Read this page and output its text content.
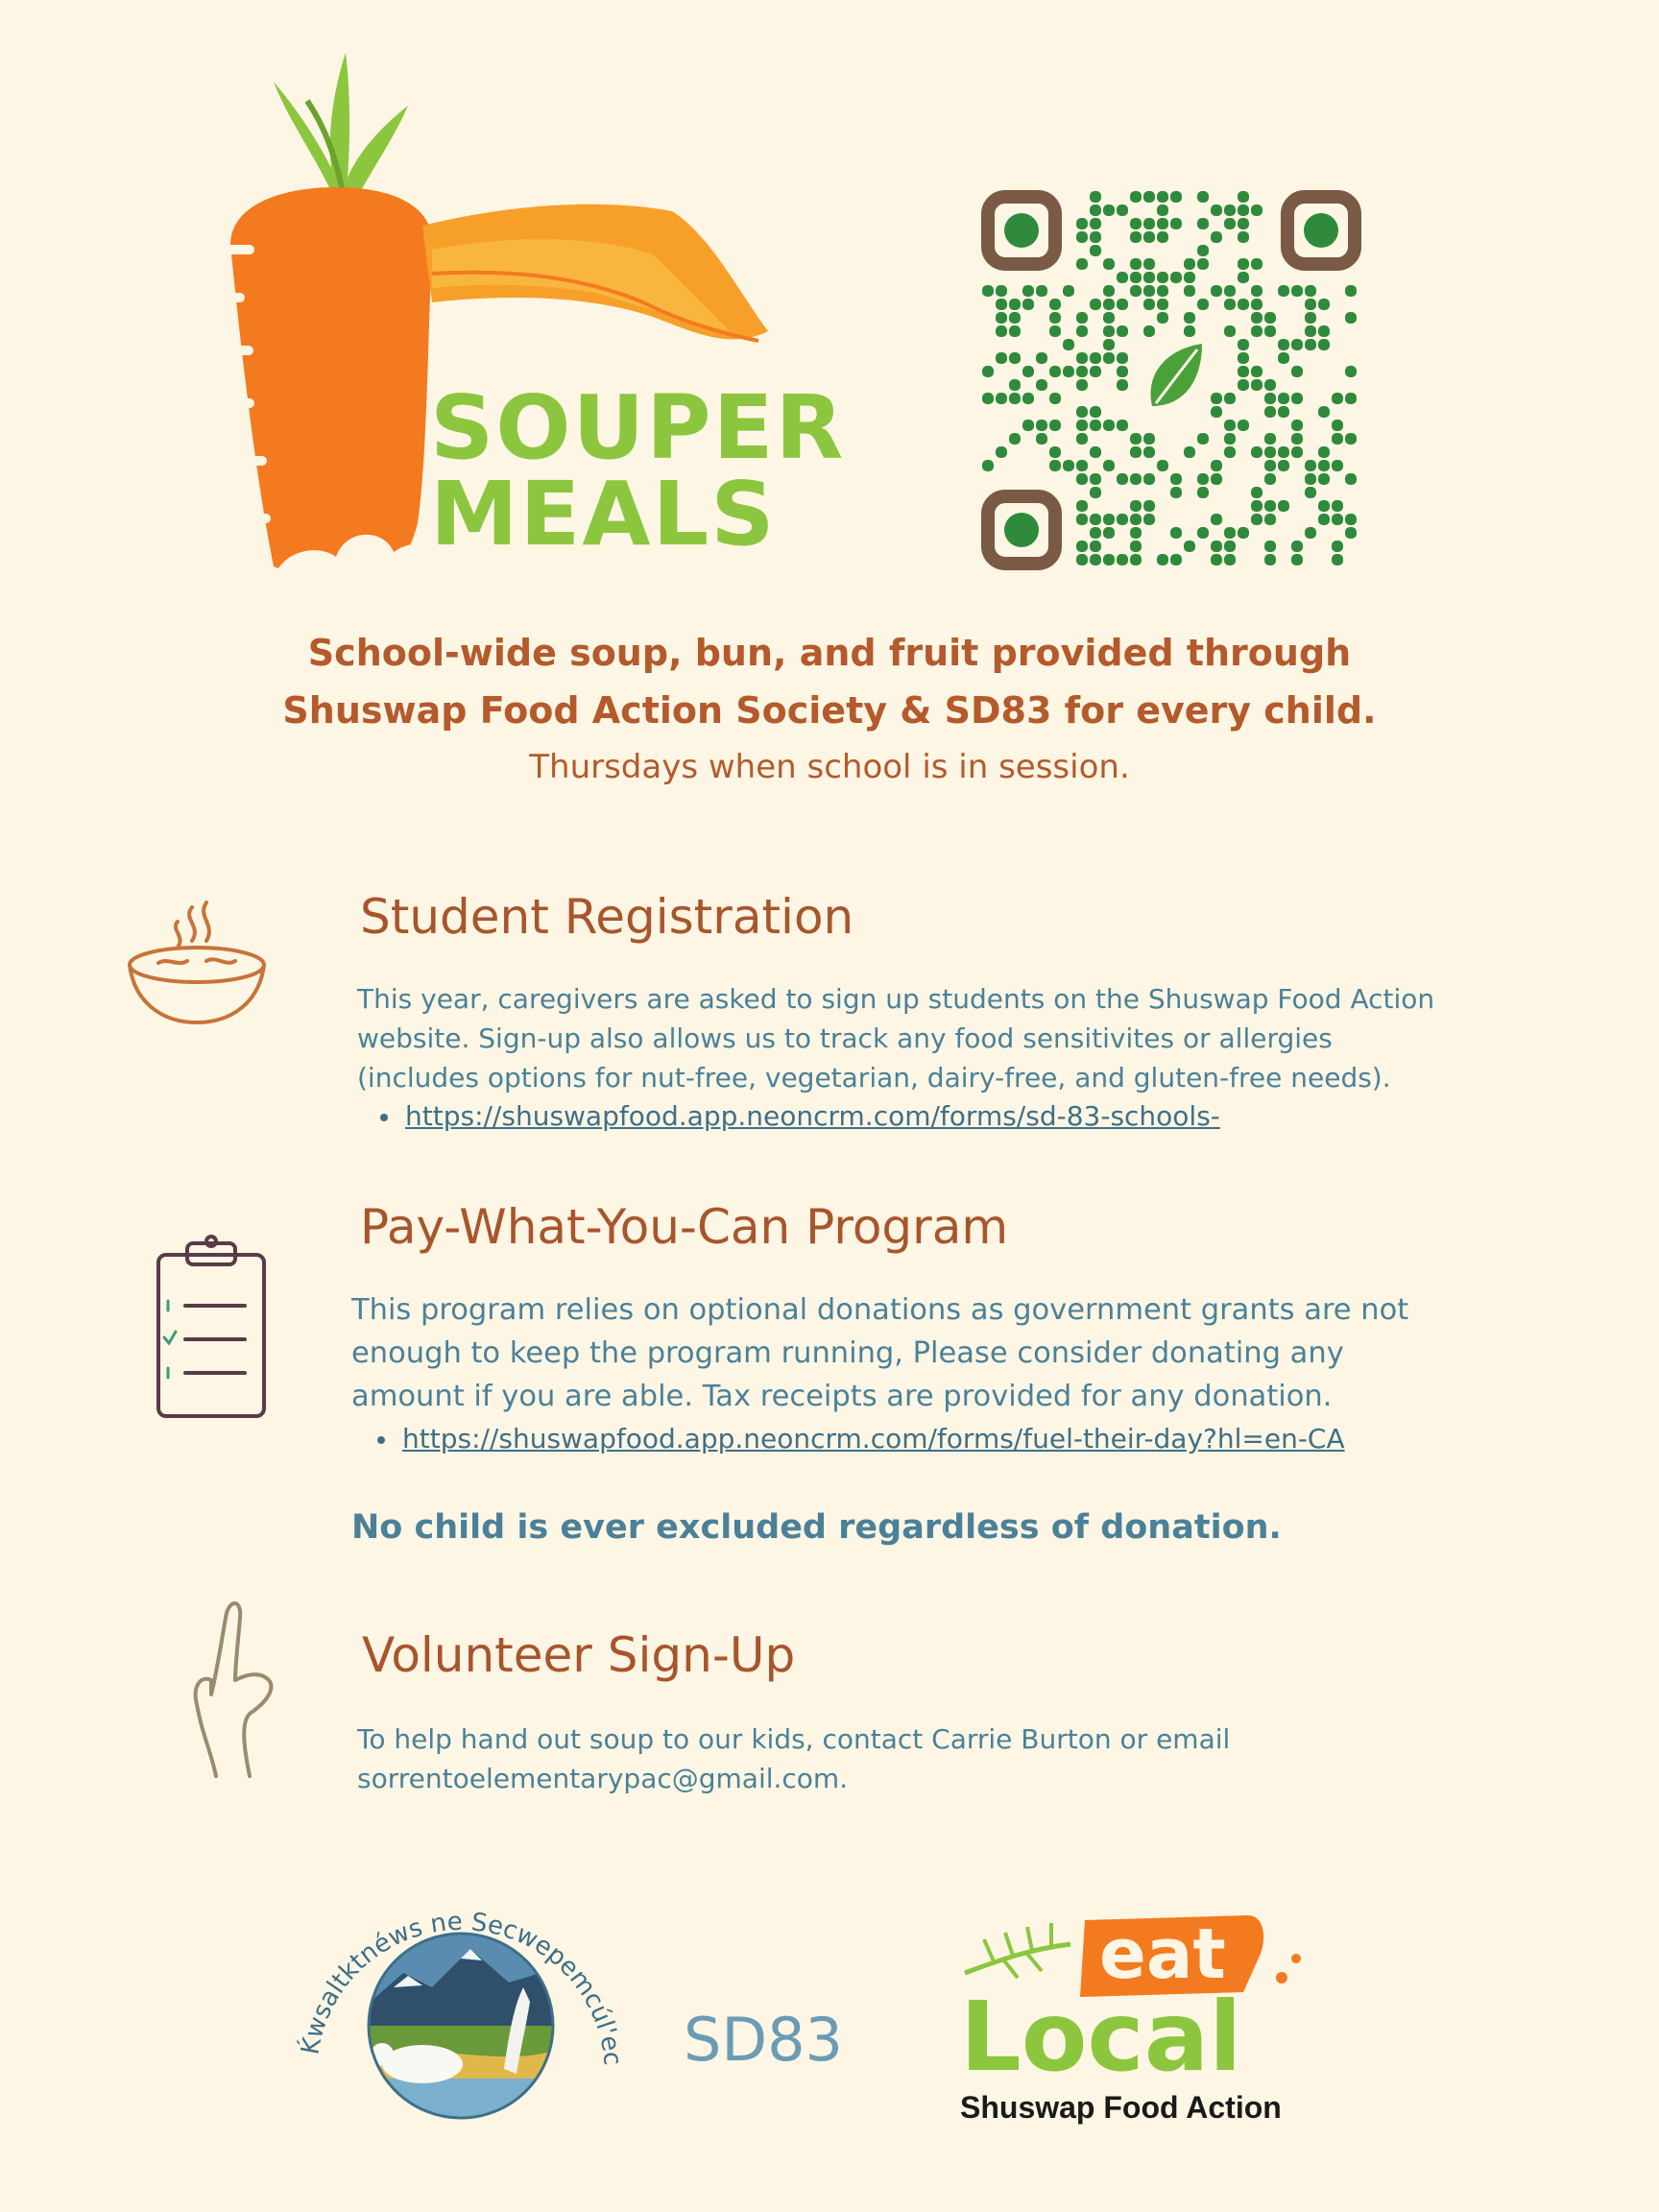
SOUPER
MEALS
School-wide soup, bun, and fruit provided through
Shuswap Food Action Society & SD83 for every child.
Thursdays when school is in session.
Student Registration

This year, caregivers are asked to sign up students on the Shuswap Food Action

website. Sign-up also allows us to track any food sensitivites or allergies

(includes options for nut-free, vegetarian, dairy-free, and gluten-free needs).

https://shuswapfood.app.neoncrm.com/forms/sd-83-schools-
Pay-What-You-Can Program

This program relies on optional donations as government grants are not

enough to keep the program running, Please consider donating any

amount if you are able. Tax receipts are provided for any donation.

https://shuswapfood.app.neoncrm.com/forms/fuel-their-day?hl=en-CA
No child is ever excluded regardless of donation.
Volunteer Sign-Up

To help hand out soup to our kids, contact Carrie Burton or email

sorrentoelementarypac@gmail.com.

Ḱwsaltktnéws ne Secwepemcúl'ec SD83
eat
Local
Shuswap Food Action
